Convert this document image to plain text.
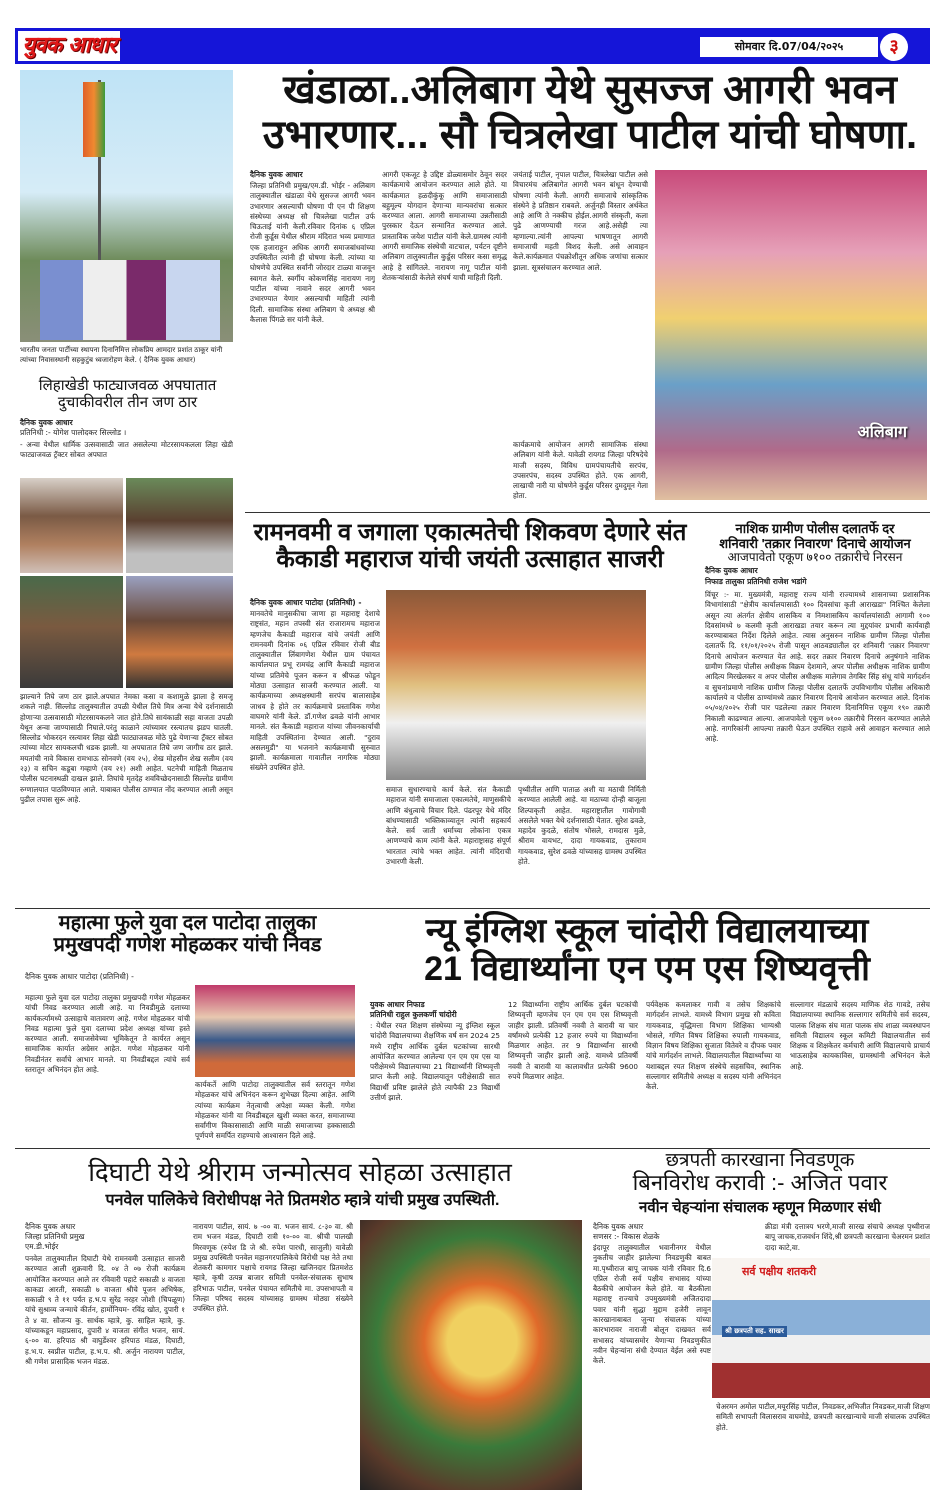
युवक आधार	सोमवार दि.07/04/२०२५	३
भारतीय जनता पार्टीच्या स्थापना दिनानिमित्त लोकप्रिय आमदार प्रशांत ठाकूर यांनी त्यांच्या निवासस्थानी सहकुटुंब ध्वजारोहण केले. ( दैनिक युवक आधार)
लिहाखेडी फाट्याजवळ अपघातात
दुचाकीवरील तीन जण ठार
दैनिक युवक आधार
प्रतिनिधी :- योगेश पालोदकर सिल्लोड ।
- अन्वा येथील धार्मिक उत्सवासाठी जात असलेल्या मोटरसायकलला लिहा खेडी फाट्याजवळ ट्रॅक्टर सोबत अपघात
झाल्याने तिघे जण ठार झाले.अपघात नेमका कसा व कशामुळे झाला हे समजू शकले नाही. सिल्लोड तालुक्यातील उपळी येथील तिघे मित्र अन्वा येथे दर्शनासाठी होणाऱ्या उत्सवासाठी मोटरसायकलने जात होते.तिघे सायंकाळी सहा वाजता उपळी येथून अन्वा जाण्यासाठी निघाले.परंतु काळाने त्यांच्यावर रस्त्यातच झडप घातली. सिल्लोड भोकरदन रस्त्यावर लिहा खेडी फाट्याजवळ मोठे पुढे येणाऱ्या ट्रॅक्टर सोबत त्यांच्या मोटर सायकलची धडक झाली. या अपघातात तिघे जण जागीच ठार झाले. मयतांची नावे विकास रामभाऊ सोनवणे (वय २५), शेख मोहसीन शेख सलीम (वय २३) व सचिन कडूबा गव्हाणे (वय २१) अशी आहेत. घटनेची माहिती मिळताच पोलीस घटनास्थळी दाखल झाले. तिघांचे मृतदेह शवविच्छेदनासाठी सिल्लोड ग्रामीण रुग्णालयात पाठविण्यात आले. याबाबत पोलीस ठाण्यात नोंद करण्यात आली असून पुढील तपास सुरू आहे.
खंडाळा..अलिबाग येथे सुसज्ज आगरी भवन
उभारणार... सौ चित्रलेखा पाटील यांची घोषणा.
दैनिक युवक आधार
जिल्हा प्रतिनिधी प्रमुख/एम.डी. भोईर - अलिबाग तालुक्यातील खंडाळा येथे सुसज्ज आगरी भवन उभारणार असल्याची घोषणा पी एन पी शिक्षण संस्थेच्या अध्यक्ष सौ चित्रलेखा पाटील उर्फ चिऊताई यांनी केली.रविवार दिनांक ६ एप्रिल रोजी कुर्डूस येथील श्रीराम मंदिरात भव्य प्रमाणात एक हजाराहून अधिक आगरी समाजबांधवांच्या उपस्थितीत त्यांनी ही घोषणा केली. त्यांच्या या घोषणेचे उपस्थित सर्वांनी जोरदार टाळ्या वाजवून स्वागत केले. स्वर्गीय कोकणसिंह नारायण नागू पाटील यांच्या नावाने सदर आगरी भवन उभारण्यात येणार असल्याची माहिती त्यांनी दिली. सामाजिक संस्था अलिबाग चे अध्यक्ष श्री कैलास पिंगळे सर यांनी केले.
आगरी एकजूट हे उद्दिष्ट डोळ्यासमोर ठेवून सदर कार्यक्रमाचे आयोजन करण्यात आले होते. या कार्यक्रमात हळदीकुंकू आणि समाजासाठी बहुमूल्य योगदान देणाऱ्या मान्यवरांचा सत्कार करण्यात आला. आगरी समाजाच्या उन्नतीसाठी पुरस्कार देऊन सन्मानित करण्यात आले. प्रास्ताविक जयेश पाटील यांनी केले.ग्रामस्थ त्यांनी आगरी समाजिक संस्थेची वाटचाल, पर्यटन दृष्टीने अलिबाग तालुक्यातील कुर्डूस परिसर कसा समृद्ध आहे हे सांगितले. नारायण नागू पाटील यांनी शेतकऱ्यांसाठी केलेले संघर्ष याची माहिती दिली.
जयंताई पाटील, नृपाल पाटील, चित्रलेखा पाटील असे विचारमंच अलिबागेत आगरी भवन बांधून देण्याची घोषणा त्यांनी केली. आगरी समाजाचे सांस्कृतिक संस्थेने हे प्रतिष्ठान राबवले. अर्जुनही विस्तार अर्थकेत आहे आणि ते नक्कीच होईल.आगरी संस्कृती, कला पुढे आणण्याची गरज आहे.असेही त्या म्हणाल्या.त्यांनी आपल्या भाषणातून आगरी समाजाची महती विशद केली. असे आवाहन केले.कार्यक्रमात पंचक्रोशीतून अधिक जणांचा सत्कार झाला. सूत्रसंचालन करण्यात आले.
कार्यक्रमाचे आयोजन आगरी सामाजिक संस्था अलिबाग यांनी केले. यावेळी रायगड जिल्हा परिषदेचे माजी सदस्य, विविध ग्रामपंचायतीचे सरपंच, उपसरपंच, सदस्य उपस्थित होते. एक आगरी, लाखाची नारी या घोषणेने कुर्डूस परिसर दुमदुमून गेला होता.
अलिबाग
रामनवमी व जगाला एकात्मतेची शिकवण देणारे संत
कैकाडी महाराज यांची जयंती उत्साहात साजरी
दैनिक युवक आधार पाटोदा (प्रतिनिधी) -
मानवतेचे मानुसकीचा जाणा हा महाराष्ट्र देशाचे राष्ट्रसंत, महान तपस्वी संत राजारामच महाराज म्हणजेच कैकाडी महाराज यांचे जयंती आणि रामनवमी दिनांक ०६ एप्रिल रविवार रोजी बीड तालुक्यातील लिंबागणेश येथील ग्राम पंचायत कार्यालयात प्रभू रामचंद्र आणि कैकाडी महाराज यांच्या प्रतिमेचे पूजन करून व श्रीफळ फोडून मोठ्या उत्साहात साजरी करण्यात आली. या कार्यक्रमाच्या अध्यक्षस्थानी सरपंच बालासाहेब जाधव हे होते तर कार्यक्रमाचे प्रस्ताविक गणेश वाघमारे यांनी केले. डॉ.गणेश ढवळे यांनी आभार मानले. संत कैकाडी महाराज यांच्या जीवनकार्याची माहिती उपस्थितांना देण्यात आली. "दुराव असलमुडी" या भजनाने कार्यक्रमाची सुरुवात झाली. कार्यक्रमाला गावातील नागरिक मोठ्या संख्येने उपस्थित होते.
समाज सुधारण्याचे कार्य केले. संत कैकाडी महाराज यांनी समाजाला एकात्मतेचे, माणुसकीचे आणि बंधुत्वाचे विचार दिले. पंढरपूर येथे मंदिर बांधण्यासाठी भक्तिकाव्यातून त्यांनी सहकार्य केले. सर्व जाती धर्माच्या लोकांना एकत्र आणण्याचे काम त्यांनी केले. महाराष्ट्रासह संपूर्ण भारतात त्यांचे भक्त आहेत. त्यांनी मंदिराची उभारणी केली.
पृथ्वीतील आणि पाताळ अशी या मठाची निर्मिती करण्यात आलेली आहे. या मठाच्या दोन्ही बाजूला शिल्पाकृती आहेत. महाराष्ट्रातील गावोगावी असलेले भक्त येथे दर्शनासाठी येतात. सुरेश ढवळे, महादेव कुदळे, संतोष भोसले, रामदास मुळे, श्रीराम वायभट, दादा गायकवाड, तुकाराम गायकवाड, सुरेश ढवळे यांच्यासह ग्रामस्थ उपस्थित होते.
नाशिक ग्रामीण पोलीस दलातर्फे दर
शनिवारी 'तक्रार निवारण' दिनाचे आयोजन
आजपावेतो एकूण ७१०० तक्रारीचे निरसन
दैनिक युवक आधार
निफाड तालुका प्रतिनिधी राजेश भडांगे
विंचूर :- मा. मुख्यमंत्री, महाराष्ट्र राज्य यांनी राज्यामध्ये शासनाच्या प्रशासनिक विभागांसाठी "क्षेत्रीय कार्यालयासाठी १०० दिवसांचा कृती आराखडा" निश्चित केलेला असून त्या अंतर्गत क्षेत्रीय शासकिय व निमशासकिय कार्यालयांसाठी आगामी १०० दिवसांमध्ये ७ कलमी कृती आराखडा तयार करून त्या मुद्दयांवर प्रभावी कार्यवाही करण्याबाबत निर्देश दिलेले आहेत. त्यास अनुसरुन नाशिक ग्रामीण जिल्हा पोलीस दलातर्फे दि. ११/०१/२०२५ रोजी पासून आठवड्यातील दर शनिवारी 'तक्रार निवारण' दिनाचे आयोजन करण्यात येत आहे. सदर तक्रार निवारण दिनाचे अनुषंगाने नाशिक ग्रामीण जिल्हा पोलीस अधीक्षक विक्रम देशमाने, अपर पोलीस अधीक्षक नाशिक ग्रामीण आदित्य मिरखेलकर व अपर पोलीस अधीक्षक मालेगाव तेगबिर सिंह संधू यांचे मार्गदर्शन व सुचनांप्रमाणे नाशिक ग्रामीण जिल्हा पोलीस दलातर्फे उपविभागीय पोलीस अधिकारी कार्यालये व पोलीस ठाण्यांमध्ये तक्रार निवारण दिनाचे आयोजन करण्यात आले. दिनांक ०५/०४/२०२५ रोजी पार पडलेल्या तक्रार निवारण दिनानिमित्त एकूण १९० तक्रारी निकाली काढण्यात आल्या. आजपावेतो एकूण ७१०० तक्रारीचे निरसन करण्यात आलेले आहे. नागरिकांनी आपल्या तक्रारी घेऊन उपस्थित राहावे असे आवाहन करण्यात आले आहे.
महात्मा फुले युवा दल पाटोदा तालुका
प्रमुखपदी गणेश मोहळकर यांची निवड
दैनिक युवक आधार पाटोदा (प्रतिनिधी) -
महात्मा फुले युवा दल पाटोदा तालुका प्रमुखपदी गणेश मोहळकर यांची निवड करण्यात आली आहे. या निवडीमुळे दलाच्या कार्यकर्त्यांमध्ये उत्साहाचे वातावरण आहे. गणेश मोहळकर यांची निवड महात्मा फुले युवा दलाच्या प्रदेश अध्यक्ष यांच्या हस्ते करण्यात आली. समाजसेवेच्या भूमिकेतून ते कार्यरत असून सामाजिक कार्यात अग्रेसर आहेत. गणेश मोहळकर यांनी निवडीनंतर सर्वांचे आभार मानले. या निवडीबद्दल त्यांचे सर्व स्तरातून अभिनंदन होत आहे.
कार्यकर्ते आणि पाटोदा तालुक्यातील सर्व स्तरातून गणेश मोहळकर यांचे अभिनंदन करून शुभेच्छा दिल्या आहेत. आणि त्यांच्या कार्यक्रम नेतृत्वाची अपेक्षा व्यक्त केली. गणेश मोहळकर यांनी या निवडीबद्दल खुशी व्यक्त करत, समाजाच्या सर्वांगीण विकासासाठी आणि माळी समाजाच्या हक्कासाठी पूर्णपणे समर्पित राहण्याचे आश्वासन दिले आहे.
न्यू इंग्लिश स्कूल चांदोरी विद्यालयाच्या
21 विद्यार्थ्यांना एन एम एस शिष्यवृत्ती
युवक आधार निफाड
प्रतिनिधी राहुल कुलकर्णी चांदोरी
: येथील रयत शिक्षण संस्थेच्या न्यू इंग्लिश स्कूल चांदोरी विद्यालयाच्या शैक्षणिक वर्ष सन 2024 25 मध्ये राष्ट्रीय आर्थिक दुर्बल घटकांच्या सारथी आयोजित करण्यात आलेल्या एन एम एम एस या परीक्षेमध्ये विद्यालयाच्या 21 विद्यार्थ्यांनी शिष्यवृत्ती प्राप्त केली आहे. विद्यालयातून परीक्षेसाठी सात विद्यार्थी प्रविष्ट झालेले होते त्यापैकी 23 विद्यार्थी उत्तीर्ण झाले.
12 विद्यार्थ्यांना राष्ट्रीय आर्थिक दुर्बल घटकांची शिष्यवृत्ती म्हणजेच एन एम एम एस शिष्यवृत्ती जाहीर झाली. प्रतिवर्षी नववी ते बारावी या चार वर्षांमध्ये प्रत्येकी 12 हजार रुपये या विद्यार्थ्यांना मिळणार आहेत. तर 9 विद्यार्थ्यांना सारथी शिष्यवृत्ती जाहीर झाली आहे. यामध्ये प्रतिवर्षी नववी ते बारावी या कालावधीत प्रत्येकी 9600 रुपये मिळणार आहेत.
पर्यवेक्षक कमलाकर गावी व तसेच शिक्षकांचे मार्गदर्शन लाभले. यामध्ये विभाग प्रमुख सौ कविता गायकवाड, वृद्धिमत्ता विभाग शिक्षिका भाग्यश्री भोसले, गणित विषय शिक्षिका रुपाली गायकवाड, विज्ञान विषय शिक्षिका सुजाता वितेवरे व दीपक पवार यांचे मार्गदर्शन लाभले. विद्यालयातील विद्यार्थ्यांच्या या यशाबद्दल रयत शिक्षण संस्थेचे सहसचिव, स्थानिक सल्लागार समितीचे अध्यक्ष व सदस्य यांनी अभिनंदन केले.
सल्लागार मंडळाचे सदस्य माणिक शेठ गावडे, तसेच विद्यालयाच्या स्थानिक सल्लागार समितीचे सर्व सदस्य, पालक शिक्षक संघ माता पालक संघ शाळा व्यवस्थापन समिती विद्यालय स्कूल कमिटी विद्यालयातील सर्व शिक्षक व शिक्षकेतर कर्मचारी आणि विद्यालयाचे प्राचार्य भाऊसाहेब कायकाविस, ग्रामस्थांनी अभिनंदन केले आहे.
दिघाटी येथे श्रीराम जन्मोत्सव सोहळा उत्साहात
पनवेल पालिकेचे विरोधीपक्ष नेते प्रितमशेठ म्हात्रे यांची प्रमुख उपस्थिती.
दैनिक युवक अधार
जिल्हा प्रतिनिधी प्रमुख
एम.डी.भोईर
पनवेल तालुक्यातील दिघाटी येथे रामनवमी उत्साहात साजरी करण्यात आली शुक्रवारी दि. ०४ ते ०७ रोजी कार्यक्रम आयोजित करण्यात आले तर रविवारी पहाटे सकाळी ४ वाजता काकडा आरती, सकाळी ७ वाजता श्रीचे पूजन अभिषेक, सकाळी ९ ते ११ पर्यंत ह.भ.प सुरेंद्र नरहर जोशी (चिपळूण) यांचे सुश्राव्य जन्माचे कीर्तन, हार्मोनियम- रविंद्र खोत, दुपारी १ ते ४ वा. सौजन्य कु. सार्थक म्हात्रे, कु. साहिल म्हात्रे, कु. यांच्याकडून महाप्रसाद, दुपारी ४ वाजता संगीत भजन, सायं. ६-०० वा. हरिपाठ श्री वाघुर्डेश्वर हरिपाठ मंडळ, दिघाटी, ह.भ.प. स्वप्नील पाटील, ह.भ.प. श्री. अर्जुन नारायण पाटील, श्री गणेश प्रासादिक भजन मंडळ.
नारायण पाटील, सायं. ७ -०० वा. भजन सायं. ८-३० वा. श्री राम भजन मंडळ, दिघाटी रात्री १०-०० वा. श्रीची पालखी मिरवणूक (रुपेश डि जे श्री. रुपेश पारधी, साजुली) यावेळी प्रमुख उपस्थिती पनवेल महानगरपालिकेचे विरोधी पक्ष नेते तथा शेतकरी कामगार पक्षाचे रायगड जिल्हा खजिनदार प्रितमशेठ म्हात्रे, कृषी उत्पन्न बाजार समिती पनवेल-संचालक सुभाष हरिभाऊ पाटील, पनवेल पंचायत समितीचे मा. उपसभापती व जिल्हा परिषद सदस्य यांच्यासह ग्रामस्थ मोठ्या संख्येने उपस्थित होते.
छत्रपती कारखाना निवडणूक
बिनविरोध करावी :- अजित पवार
नवीन चेहऱ्यांना संचालक म्हणून मिळणार संधी
दैनिक युवक अधार
सणसर :- विकास शेळके
इंदापूर तालुक्यातील भवानीनगर येथील नुकतीच जाहीर झालेल्या निवडणुकी बाबत मा.पृथ्वीराज बापू जाचक यांनी रविवार दि.6 एप्रिल रोजी सर्व पक्षीय सभासद यांच्या बैठकीचे आयोजन केले होते. या बैठकीला महाराष्ट्र राज्याचे उपमुख्यमंत्री अजितदादा पवार यांनी सुद्धा मुद्दाम हजेरी लावून कारखानाबाबत जुन्या संचालक यांच्या कारभारावर नाराजी बोलून दाखवत सर्व सभासद यांच्यासमोर येणाऱ्या निवडणुकीत नवीन चेहऱ्यांना संधी देण्यात येईल असे स्पष्ट केले.
क्रीडा मंत्री दत्तात्रय भरणे,माजी सारख संचाचे अध्यक्ष पृथ्वीराज बापू जाचक,राजवर्धन शिंदे,श्री छत्रपती कारखाना चेअरमन प्रशांत दादा काटे,वा.
सर्व पक्षीय शतकरी
श्री छत्रपती सह. साखर
चेअरमन अमोल पाटील,मयूरसिंह पाटील, निवडकर,अभिजीत निवडकर,माजी शिक्षण समिती सभापती विलासराव वाघमोडे, छत्रपती कारखान्याचे माजी संचालक उपस्थित होते.
